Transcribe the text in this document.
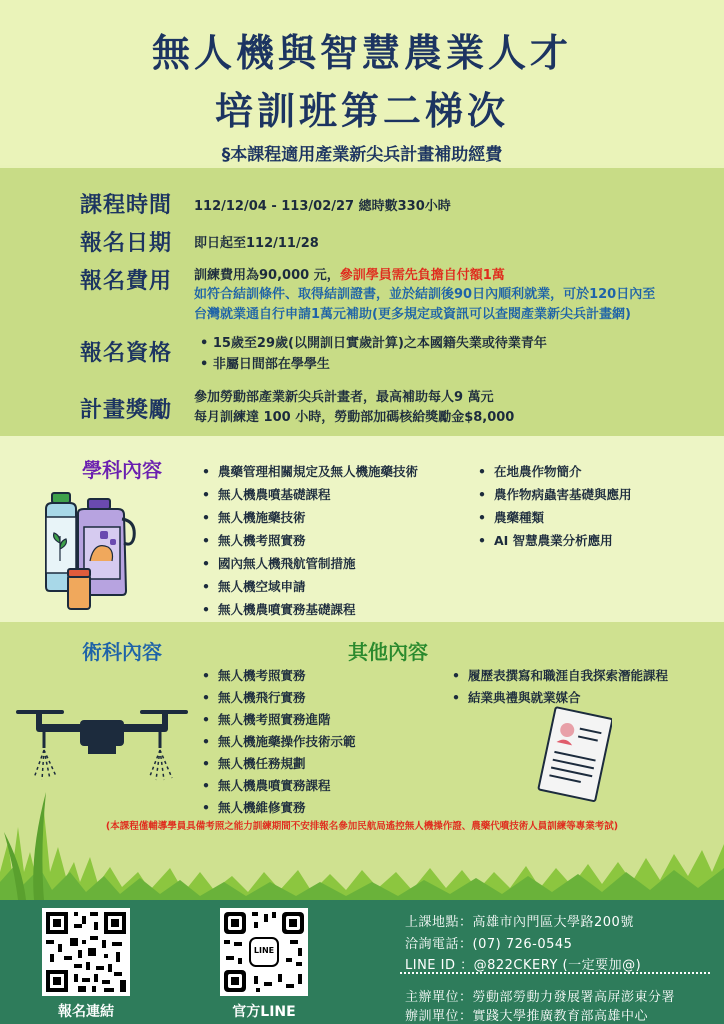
無人機與智慧農業人才
培訓班第二梯次
§本課程適用產業新尖兵計畫補助經費
課程時間 112/12/04 - 113/02/27 總時數330小時
報名日期 即日起至112/11/28
報名費用 訓練費用為90,000 元，參訓學員需先負擔自付額1萬
如符合結訓條件、取得結訓證書，並於結訓後90日內順利就業，可於120日內至
台灣就業通自行申請1萬元補助(更多規定或資訊可以查閱產業新尖兵計畫網)
報名資格 • 15歲至29歲(以開訓日實歲計算)之本國籍失業或待業青年
• 非屬日間部在學學生
計畫獎勵
參加勞動部產業新尖兵計畫者，最高補助每人9 萬元
每月訓練達 100 小時，勞動部加碼核給獎勵金$8,000
學科內容
•	農藥管理相關規定及無人機施藥技術
• 無人機農噴基礎課程
• 無人機施藥技術
• 無人機考照實務
• 國內無人機飛航管制措施
• 無人機空域申請
• 無人機農噴實務基礎課程
• 在地農作物簡介
• 農作物病蟲害基礎與應用
• 農藥種類
• AI 智慧農業分析應用
術科內容	其他內容
• 無人機考照實務
• 無人機飛行實務
• 無人機考照實務進階
• 無人機施藥操作技術示範
• 無人機任務規劃
• 無人機農噴實務課程
• 無人機維修實務
• 履歷表撰寫和職涯自我探索潛能課程
• 結業典禮與就業媒合
(本課程僅輔導學員具備考照之能力訓練期間不安排報名參加民航局遙控無人機操作證、農藥代噴技術人員訓練等專業考試)
報名連結
LINE
官方LINE
上課地點：高雄市內門區大學路200號
洽詢電話：(07) 726-0545
LINE ID ：@822CKERY (一定要加@)
主辦單位：勞動部勞動力發展署高屏澎東分署
辦訓單位：實踐大學推廣教育部高雄中心
